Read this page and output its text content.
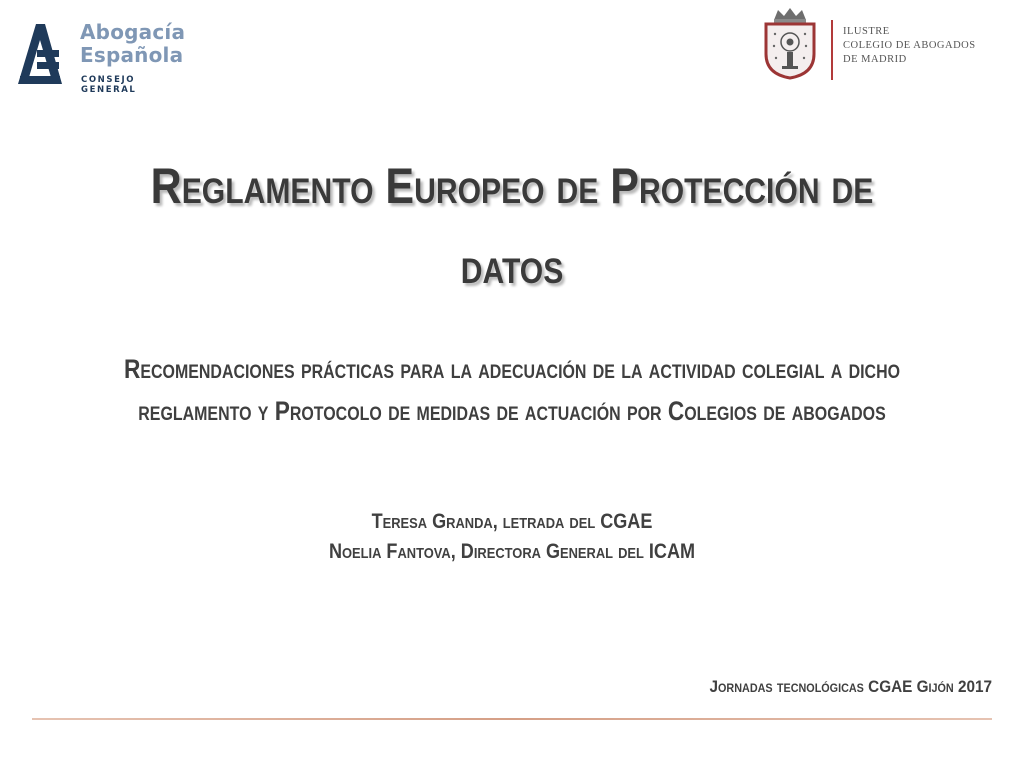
Abogacía
Española
CONSEJO GENERAL
ILUSTRE
COLEGIO DE ABOGADOS
DE MADRID
Reglamento Europeo de Protección de
datos
Recomendaciones prácticas para la adecuación de la actividad colegial a dicho
reglamento y Protocolo de medidas de actuación por Colegios de abogados
Teresa Granda, letrada del CGAE
Noelia Fantova, Directora General del ICAM
Jornadas tecnológicas CGAE Gijón 2017
